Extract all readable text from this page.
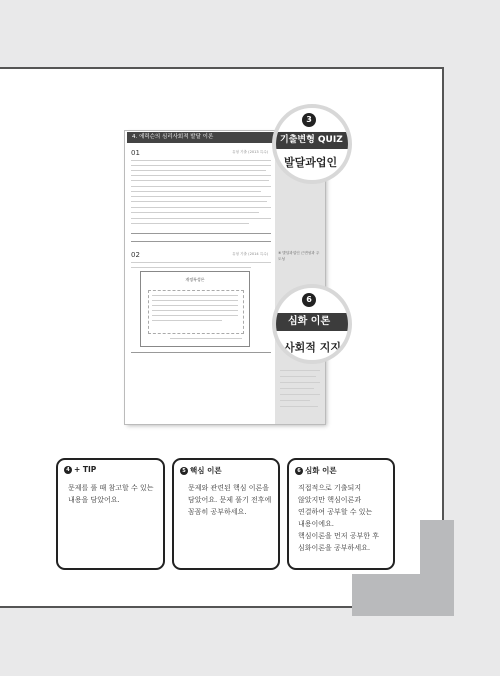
4. 에릭슨의 심리사회적 발달 이론
01	유형 기출 (2013 특수)
02	유형 기출 (2014 특수)
개정특성론
⑥ 발달과업인 근면성과 주도성
3
기출변형 QUIZ
발달과업인
6
심화 이론
사회적 지지
4 + TIP
문제를 풀 때 참고할 수 있는
내용을 담았어요.
5 핵심 이론
문제와 관련된 핵심 이론을
담았어요. 문제 풀기 전후에
꼼꼼히 공부하세요.
6 심화 이론
직접적으로 기출되지
않았지만 핵심이론과
연결하여 공부할 수 있는
내용이에요.
핵심이론을 먼저 공부한 후
심화이론을 공부하세요.
